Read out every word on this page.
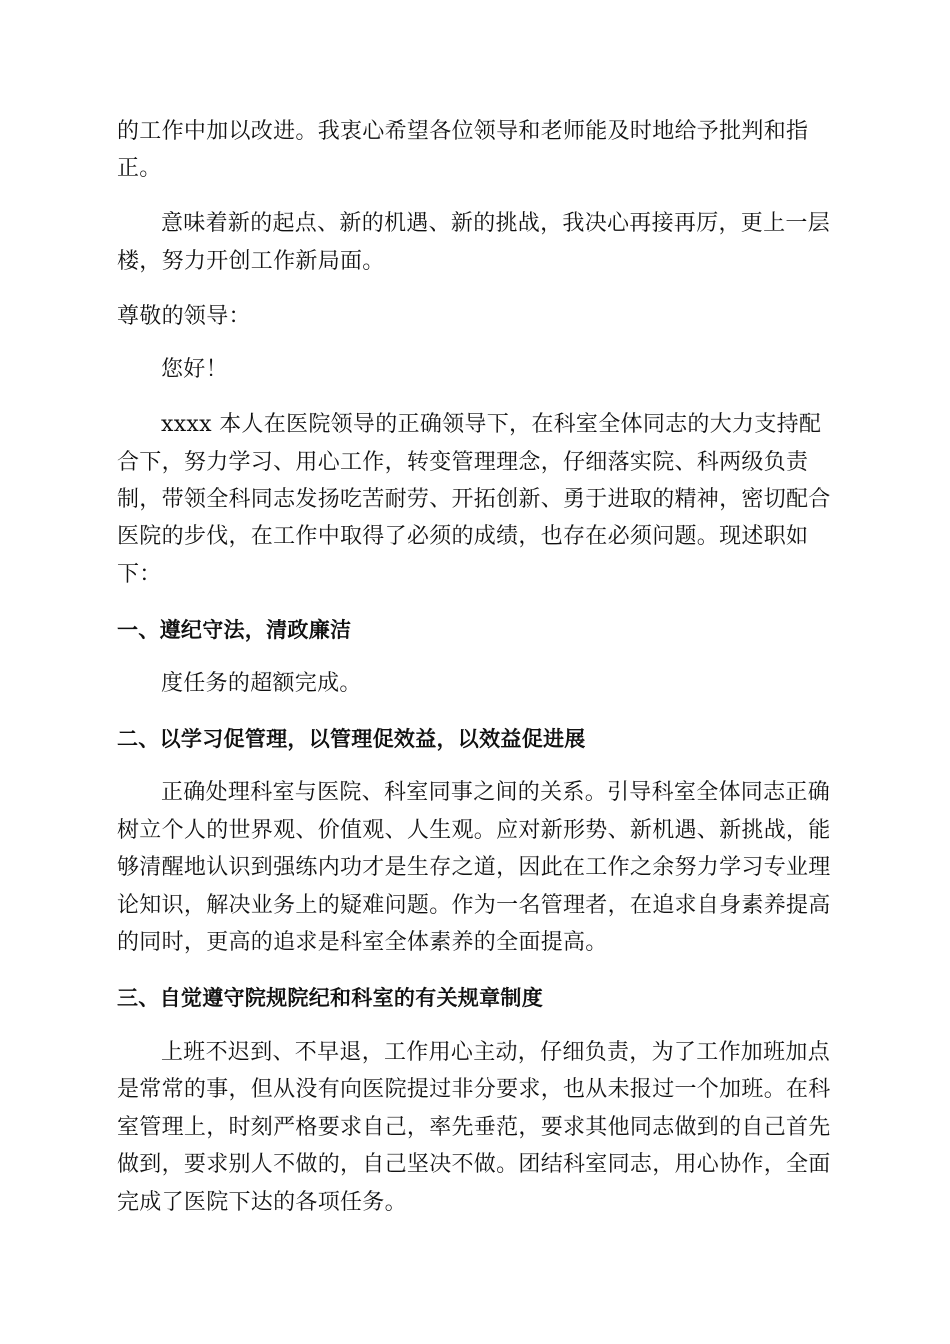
的工作中加以改进。我衷心希望各位领导和老师能及时地给予批判和指
正。
意味着新的起点、新的机遇、新的挑战，我决心再接再厉，更上一层
楼，努力开创工作新局面。
尊敬的领导：
您好！
xxxx 本人在医院领导的正确领导下，在科室全体同志的大力支持配
合下，努力学习、用心工作，转变管理理念，仔细落实院、科两级负责
制，带领全科同志发扬吃苦耐劳、开拓创新、勇于进取的精神，密切配合
医院的步伐，在工作中取得了必须的成绩，也存在必须问题。现述职如
下：
一、遵纪守法，清政廉洁
度任务的超额完成。
二、以学习促管理，以管理促效益，以效益促进展
正确处理科室与医院、科室同事之间的关系。引导科室全体同志正确
树立个人的世界观、价值观、人生观。应对新形势、新机遇、新挑战，能
够清醒地认识到强练内功才是生存之道，因此在工作之余努力学习专业理
论知识，解决业务上的疑难问题。作为一名管理者，在追求自身素养提高
的同时，更高的追求是科室全体素养的全面提高。
三、自觉遵守院规院纪和科室的有关规章制度
上班不迟到、不早退，工作用心主动，仔细负责，为了工作加班加点
是常常的事，但从没有向医院提过非分要求，也从未报过一个加班。在科
室管理上，时刻严格要求自己，率先垂范，要求其他同志做到的自己首先
做到，要求别人不做的，自己坚决不做。团结科室同志，用心协作，全面
完成了医院下达的各项任务。
